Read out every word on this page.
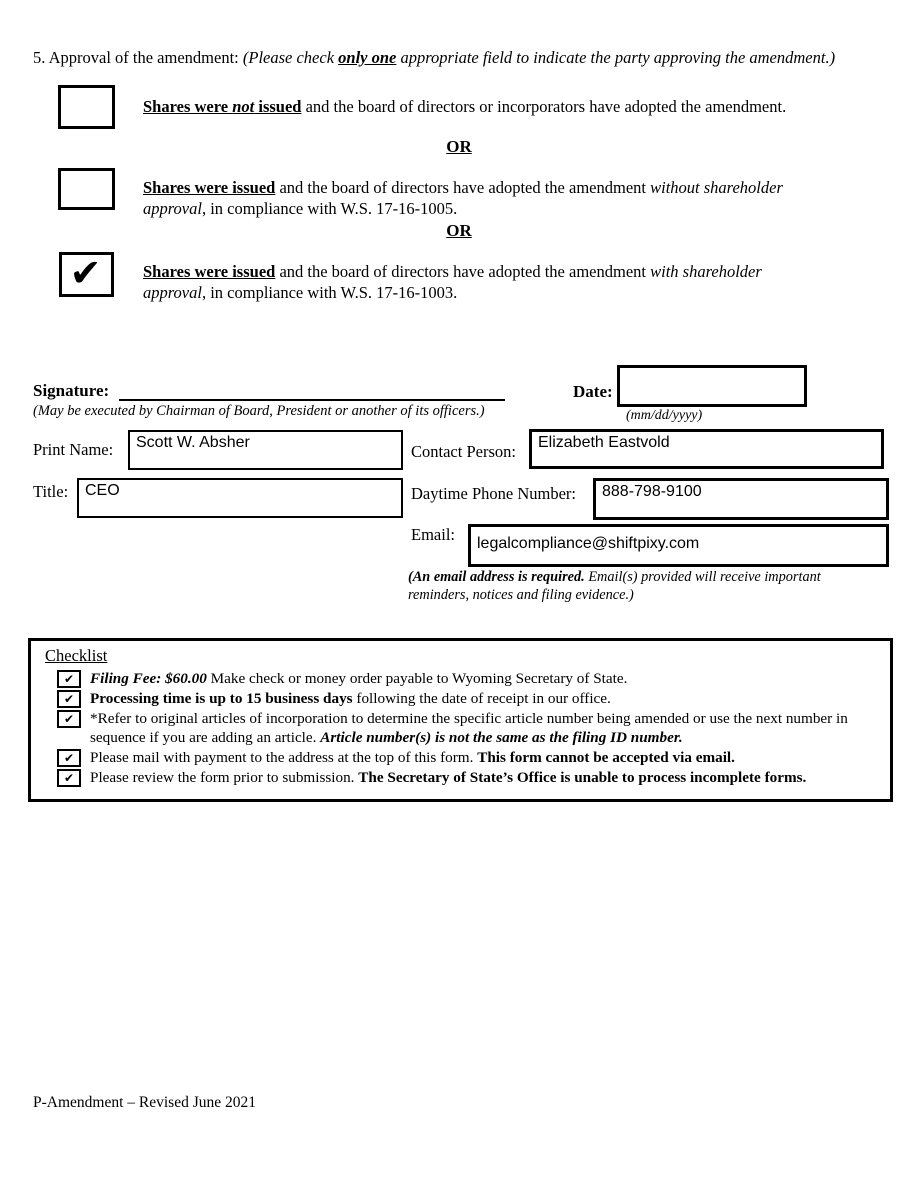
5. Approval of the amendment: (Please check only one appropriate field to indicate the party approving the amendment.)
Shares were not issued and the board of directors or incorporators have adopted the amendment.
OR
Shares were issued and the board of directors have adopted the amendment without shareholder
approval, in compliance with W.S. 17-16-1005.
OR
✔	Shares were issued and the board of directors have adopted the amendment with shareholder
approval, in compliance with W.S. 17-16-1003.
Signature:
(May be executed by Chairman of Board, President or another of its officers.)
Date:
(mm/dd/yyyy)
Print Name:	Scott W. Absher
Title:	CEO
Contact Person:	Elizabeth Eastvold
Daytime Phone Number:	888-798-9100
Email:	legalcompliance@shiftpixy.com
(An email address is required. Email(s) provided will receive important reminders, notices and filing evidence.)
Checklist
✔	Filing Fee: $60.00 Make check or money order payable to Wyoming Secretary of State.
✔	Processing time is up to 15 business days following the date of receipt in our office.
✔	*Refer to original articles of incorporation to determine the specific article number being amended or use the next number in sequence if you are adding an article. Article number(s) is not the same as the filing ID number.
✔	Please mail with payment to the address at the top of this form. This form cannot be accepted via email.
✔	Please review the form prior to submission. The Secretary of State’s Office is unable to process incomplete forms.
P-Amendment – Revised June 2021
